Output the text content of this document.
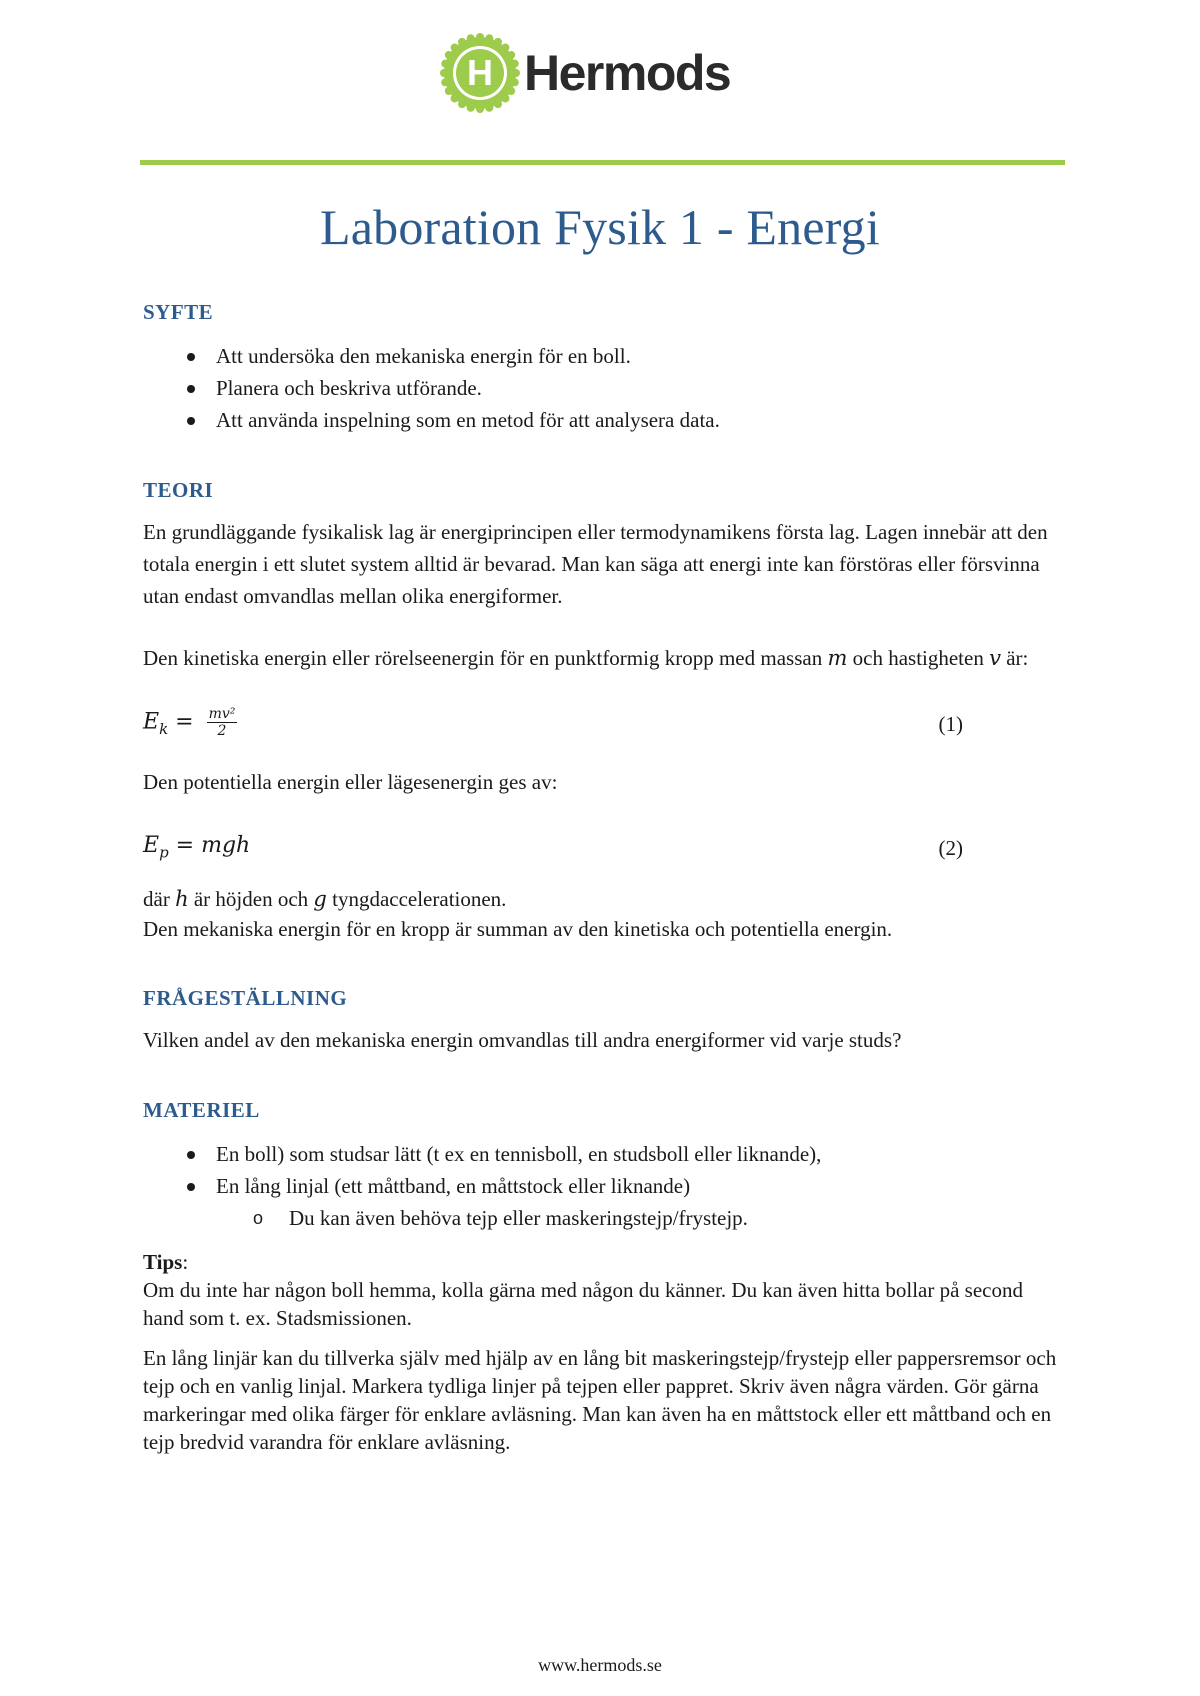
H Hermods
Laboration Fysik 1 - Energi

SYFTE

Att undersöka den mekaniska energin för en boll.
Planera och beskriva utförande.
Att använda inspelning som en metod för att analysera data.

TEORI

En grundläggande fysikalisk lag är energiprincipen eller termodynamikens första lag. Lagen innebär att den totala energin i ett slutet system alltid är bevarad. Man kan säga att energi inte kan förstöras eller försvinna utan endast omvandlas mellan olika energiformer.

Den kinetiska energin eller rörelseenergin för en punktformig kropp med massan m och hastigheten v är:

$E_k = \frac{\text{mv²}}{2}$	(1)

Den potentiella energin eller lägesenergin ges av:

$E_p$ = mgh	(2)

där h är höjden och g tyngdaccelerationen.

Den mekaniska energin för en kropp är summan av den kinetiska och potentiella energin.

FRÅGESTÄLLNING

Vilken andel av den mekaniska energin omvandlas till andra energiformer vid varje studs?

MATERIEL

En boll) som studsar lätt (t ex en tennisboll, en studsboll eller liknande),
En lång linjal (ett måttband, en måttstock eller liknande)
o Du kan även behöva tejp eller maskeringstejp/frystejp.

Tips:

Om du inte har någon boll hemma, kolla gärna med någon du känner. Du kan även hitta bollar på second hand som t. ex. Stadsmissionen.

En lång linjär kan du tillverka själv med hjälp av en lång bit maskeringstejp/frystejp eller pappersremsor och tejp och en vanlig linjal. Markera tydliga linjer på tejpen eller pappret. Skriv även några värden. Gör gärna markeringar med olika färger för enklare avläsning. Man kan även ha en måttstock eller ett måttband och en tejp bredvid varandra för enklare avläsning.

www.hermods.se
